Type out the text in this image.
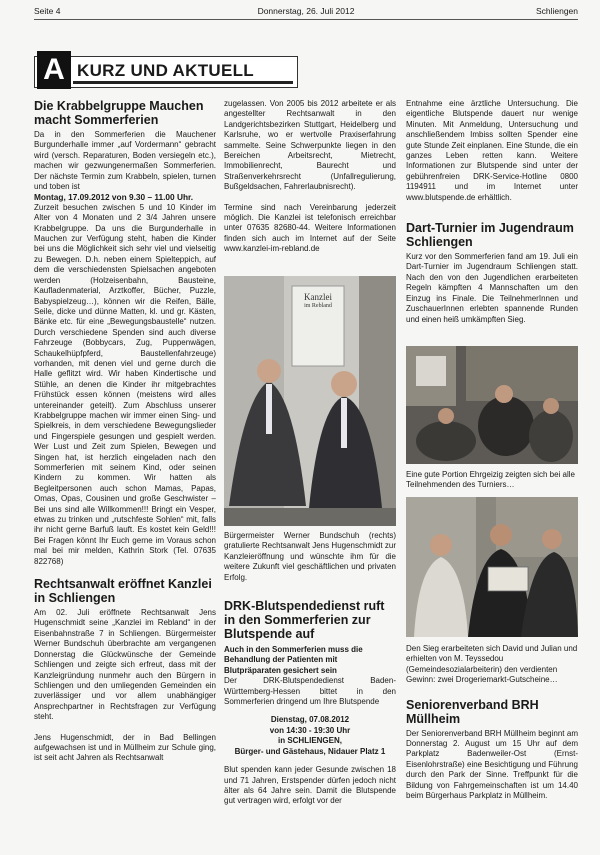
Seite 4	Donnerstag, 26. Juli 2012	Schliengen
A KURZ UND AKTUELL
Die Krabbelgruppe Mauchen macht Sommerferien

Da in den Sommerferien die Mauchener Burgunderhalle immer „auf Vordermann“ gebracht wird (versch. Reparaturen, Boden versiegeln etc.), machen wir gezwungenermaßen Sommerferien. Der nächste Termin zum Krabbeln, spielen, turnen und toben ist

Montag, 17.09.2012 von 9.30 – 11.00 Uhr.

Zurzeit besuchen zwischen 5 und 10 Kinder im Alter von 4 Monaten und 2 3/4 Jahren unsere Krabbelgruppe. Da uns die Burgunderhalle in Mauchen zur Verfügung steht, haben die Kinder bei uns die Möglichkeit sich sehr viel und vielseitig zu Bewegen. D.h. neben einem Spielteppich, auf dem die verschiedensten Spielsachen angeboten werden (Holzeisenbahn, Bausteine, Kaufladenmaterial, Arztkoffer, Bücher, Puzzle, Babyspielzeug…), können wir die Reifen, Bälle, Seile, dicke und dünne Matten, kl. und gr. Kästen, Bänke etc. für eine „Bewegungsbaustelle“ nutzen. Durch verschiedene Spenden sind auch diverse Fahrzeuge (Bobbycars, Zug, Puppenwägen, Schaukelhüpfpferd, Baustellenfahrzeuge) vorhanden, mit denen viel und gerne durch die Halle geflitzt wird. Wir haben Kindertische und Stühle, an denen die Kinder ihr mitgebrachtes Frühstück essen können (meistens wird alles untereinander geteilt). Zum Abschluss unserer Krabbelgruppe machen wir immer einen Sing- und Spielkreis, in dem verschiedene Bewegungslieder und Fingerspiele gesungen und gespielt werden. Wer Lust und Zeit zum Spielen, Bewegen und Singen hat, ist herzlich eingeladen nach den Sommerferien mit seinem Kind, oder seinen Kindern zu kommen. Wir hatten als Begleitpersonen auch schon Mamas, Papas, Omas, Opas, Cousinen und große Geschwister – Bei uns sind alle Willkommen!!! Bringt ein Vesper, etwas zu trinken und „rutschfeste Sohlen“ mit, falls ihr nicht gerne Barfuß lauft. Es kostet kein Geld!!! Bei Fragen könnt Ihr Euch gerne im Voraus schon mal bei mir melden, Kathrin Stork (Tel. 07635 822768)

Rechtsanwalt eröffnet Kanzlei in Schliengen

Am 02. Juli eröffnete Rechtsanwalt Jens Hugenschmidt seine „Kanzlei im Rebland“ in der Eisenbahnstraße 7 in Schliengen. Bürgermeister Werner Bundschuh überbrachte am vergangenen Donnerstag die Glückwünsche der Gemeinde Schliengen und zeigte sich erfreut, dass mit der Kanzleigründung nunmehr auch den Bürgern in Schliengen und den umliegenden Gemeinden ein zuverlässiger und vor allem unabhängiger Ansprechpartner in Rechtsfragen zur Verfügung steht.

Jens Hugenschmidt, der in Bad Bellingen aufgewachsen ist und in Müllheim zur Schule ging, ist seit acht Jahren als Rechtsanwalt

zugelassen. Von 2005 bis 2012 arbeitete er als angestellter Rechtsanwalt in den Landgerichtsbezirken Stuttgart, Heidelberg und Karlsruhe, wo er wertvolle Praxiserfahrung sammelte. Seine Schwerpunkte liegen in den Bereichen Arbeitsrecht, Mietrecht, Immobilienrecht, Baurecht und Straßenverkehrsrecht (Unfallregulierung, Bußgeldsachen, Fahrerlaubnisrecht).

Termine sind nach Vereinbarung jederzeit möglich. Die Kanzlei ist telefonisch erreichbar unter 07635 82680-44. Weitere Informationen finden sich auch im Internet auf der Seite www.kanzlei-im-rebland.de

Kanzlei
im Rebland

Bürgermeister Werner Bundschuh (rechts) gratulierte Rechtsanwalt Jens Hugenschmidt zur Kanzleieröffnung und wünschte ihm für die weitere Zukunft viel geschäftlichen und privaten Erfolg.

DRK-Blutspendedienst ruft in den Sommerferien zur Blutspende auf
Auch in den Sommerferien muss die Behandlung der Patienten mit Blutpräparaten gesichert sein

Der DRK-Blutspendedienst Baden-Württemberg-Hessen bittet in den Sommerferien dringend um Ihre Blutspende

Dienstag, 07.08.2012
von 14:30 - 19:30 Uhr
in SCHLIENGEN,
Bürger- und Gästehaus, Nidauer Platz 1

Blut spenden kann jeder Gesunde zwischen 18 und 71 Jahren, Erstspender dürfen jedoch nicht älter als 64 Jahre sein. Damit die Blutspende gut vertragen wird, erfolgt vor der

Entnahme eine ärztliche Untersuchung. Die eigentliche Blutspende dauert nur wenige Minuten. Mit Anmeldung, Untersuchung und anschließendem Imbiss sollten Spender eine gute Stunde Zeit einplanen. Eine Stunde, die ein ganzes Leben retten kann. Weitere Informationen zur Blutspende sind unter der gebührenfreien DRK-Service-Hotline 0800 1194911 und im Internet unter www.blutspende.de erhältlich.

Dart-Turnier im Jugendraum Schliengen

Kurz vor den Sommerferien fand am 19. Juli ein Dart-Turnier im Jugendraum Schliengen statt. Nach den von den Jugendlichen erarbeiteten Regeln kämpften 4 Mannschaften um den Einzug ins Finale. Die TeilnehmerInnen und ZuschauerInnen erlebten spannende Runden und einen heiß umkämpften Sieg.

Eine gute Portion Ehrgeizig zeigten sich bei alle Teilnehmenden des Turniers…

Den Sieg erarbeiteten sich David und Julian und erhielten von M. Teyssedou (Gemeindesozialarbeiterin) den verdienten Gewinn: zwei Drogeriemarkt-Gutscheine…

Seniorenverband BRH Müllheim

Der Seniorenverband BRH Müllheim beginnt am Donnerstag 2. August um 15 Uhr auf dem Parkplatz Badenweiler-Ost (Ernst-Eisenlohrstraße) eine Besichtigung und Führung durch den Park der Sinne. Treffpunkt für die Bildung von Fahrgemeinschaften ist um 14.40 beim Bürgerhaus Parkplatz in Müllheim.
